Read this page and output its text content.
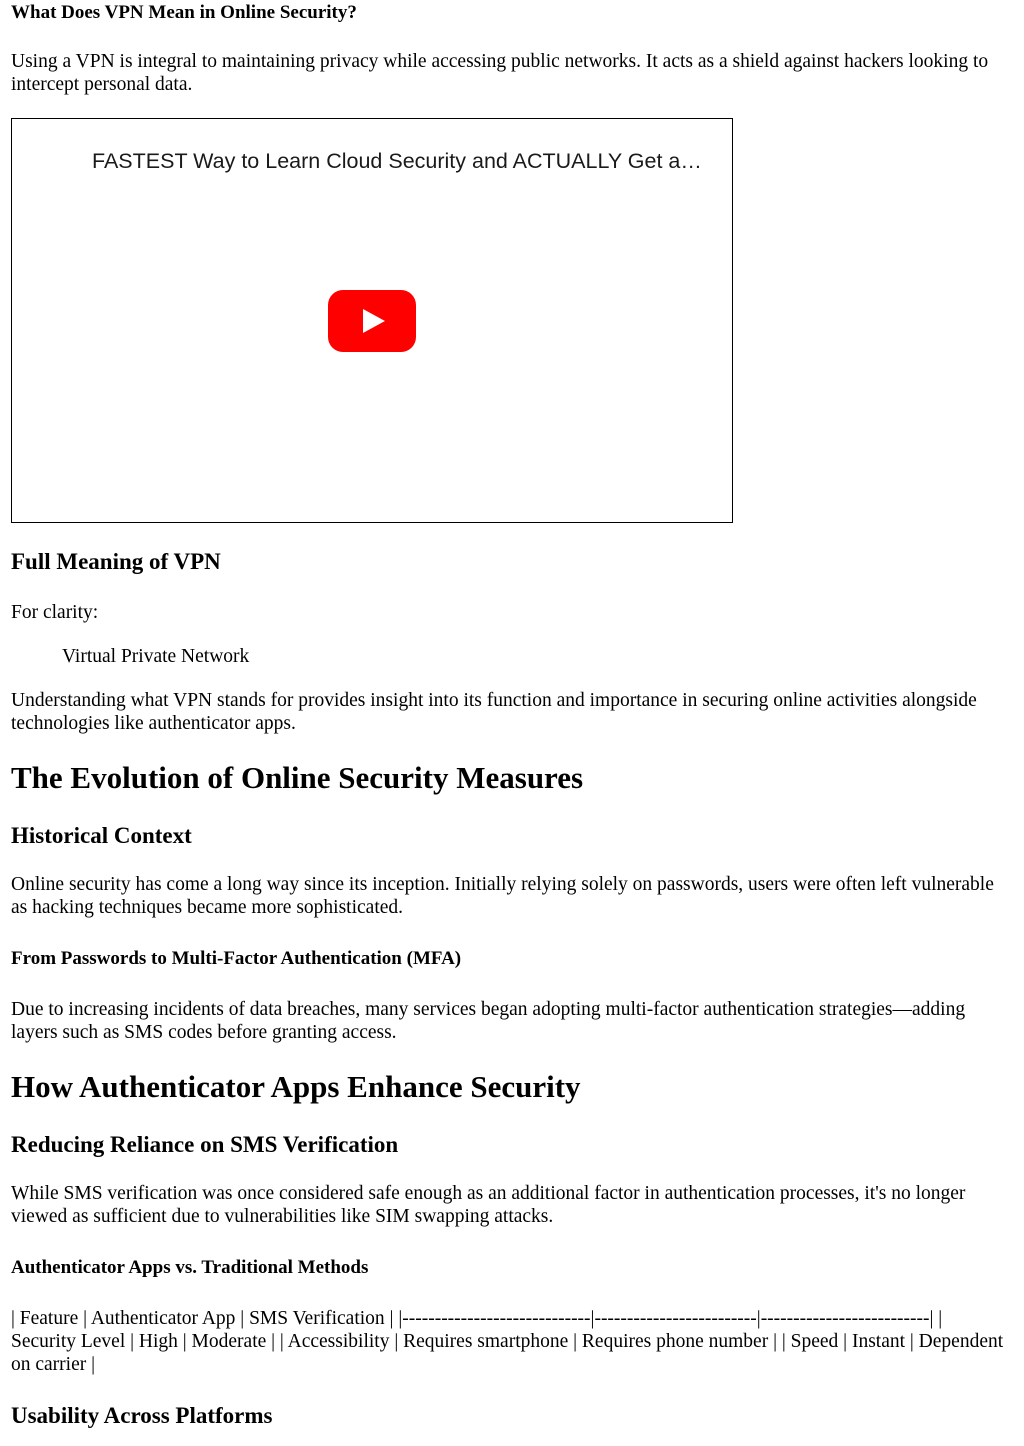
What Does VPN Mean in Online Security?

Using a VPN is integral to maintaining privacy while accessing public networks. It acts as a shield against hackers looking to intercept personal data.

FASTEST Way to Learn Cloud Security and ACTUALLY Get a…
Full Meaning of VPN

For clarity:

Virtual Private Network

Understanding what VPN stands for provides insight into its function and importance in securing online activities alongside technologies like authenticator apps.

The Evolution of Online Security Measures
Historical Context

Online security has come a long way since its inception. Initially relying solely on passwords, users were often left vulnerable as hacking techniques became more sophisticated.

From Passwords to Multi-Factor Authentication (MFA)

Due to increasing incidents of data breaches, many services began adopting multi-factor authentication strategies—adding layers such as SMS codes before granting access.

How Authenticator Apps Enhance Security
Reducing Reliance on SMS Verification

While SMS verification was once considered safe enough as an additional factor in authentication processes, it's no longer viewed as sufficient due to vulnerabilities like SIM swapping attacks.

Authenticator Apps vs. Traditional Methods

| Feature | Authenticator App | SMS Verification | |-----------------------------|-------------------------|--------------------------| | Security Level | High | Moderate | | Accessibility | Requires smartphone | Requires phone number | | Speed | Instant | Dependent on carrier |

Usability Across Platforms
